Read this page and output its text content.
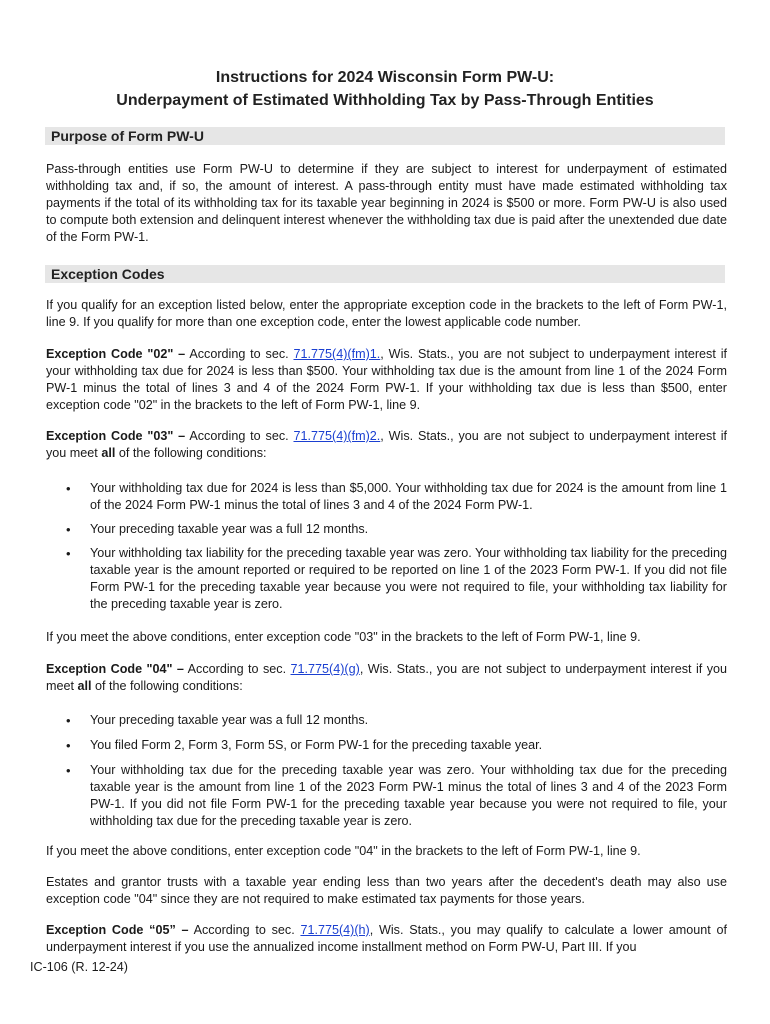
Instructions for 2024 Wisconsin Form PW-U:
Underpayment of Estimated Withholding Tax by Pass-Through Entities
Purpose of Form PW-U

Pass-through entities use Form PW-U to determine if they are subject to interest for underpayment of estimated withholding tax and, if so, the amount of interest. A pass-through entity must have made estimated withholding tax payments if the total of its withholding tax for its taxable year beginning in 2024 is $500 or more. Form PW-U is also used to compute both extension and delinquent interest whenever the withholding tax due is paid after the unextended due date of the Form PW-1.

Exception Codes

If you qualify for an exception listed below, enter the appropriate exception code in the brackets to the left of Form PW-1, line 9. If you qualify for more than one exception code, enter the lowest applicable code number.

Exception Code "02" – According to sec. 71.775(4)(fm)1., Wis. Stats., you are not subject to underpayment interest if your withholding tax due for 2024 is less than $500. Your withholding tax due is the amount from line 1 of the 2024 Form PW-1 minus the total of lines 3 and 4 of the 2024 Form PW-1. If your withholding tax due is less than $500, enter exception code "02" in the brackets to the left of Form PW-1, line 9.

Exception Code "03" – According to sec. 71.775(4)(fm)2., Wis. Stats., you are not subject to underpayment interest if you meet all of the following conditions:

• Your withholding tax due for 2024 is less than $5,000. Your withholding tax due for 2024 is the amount from line 1 of the 2024 Form PW-1 minus the total of lines 3 and 4 of the 2024 Form PW-1.
• Your preceding taxable year was a full 12 months.
• Your withholding tax liability for the preceding taxable year was zero. Your withholding tax liability for the preceding taxable year is the amount reported or required to be reported on line 1 of the 2023 Form PW-1. If you did not file Form PW-1 for the preceding taxable year because you were not required to file, your withholding tax liability for the preceding taxable year is zero.

If you meet the above conditions, enter exception code "03" in the brackets to the left of Form PW-1, line 9.

Exception Code "04" – According to sec. 71.775(4)(g), Wis. Stats., you are not subject to underpayment interest if you meet all of the following conditions:

• Your preceding taxable year was a full 12 months.
• You filed Form 2, Form 3, Form 5S, or Form PW-1 for the preceding taxable year.
• Your withholding tax due for the preceding taxable year was zero. Your withholding tax due for the preceding taxable year is the amount from line 1 of the 2023 Form PW-1 minus the total of lines 3 and 4 of the 2023 Form PW-1. If you did not file Form PW-1 for the preceding taxable year because you were not required to file, your withholding tax due for the preceding taxable year is zero.

If you meet the above conditions, enter exception code "04" in the brackets to the left of Form PW-1, line 9.

Estates and grantor trusts with a taxable year ending less than two years after the decedent's death may also use exception code "04" since they are not required to make estimated tax payments for those years.

Exception Code “05” – According to sec. 71.775(4)(h), Wis. Stats., you may qualify to calculate a lower amount of underpayment interest if you use the annualized income installment method on Form PW-U, Part III. If you

IC-106 (R. 12-24)
